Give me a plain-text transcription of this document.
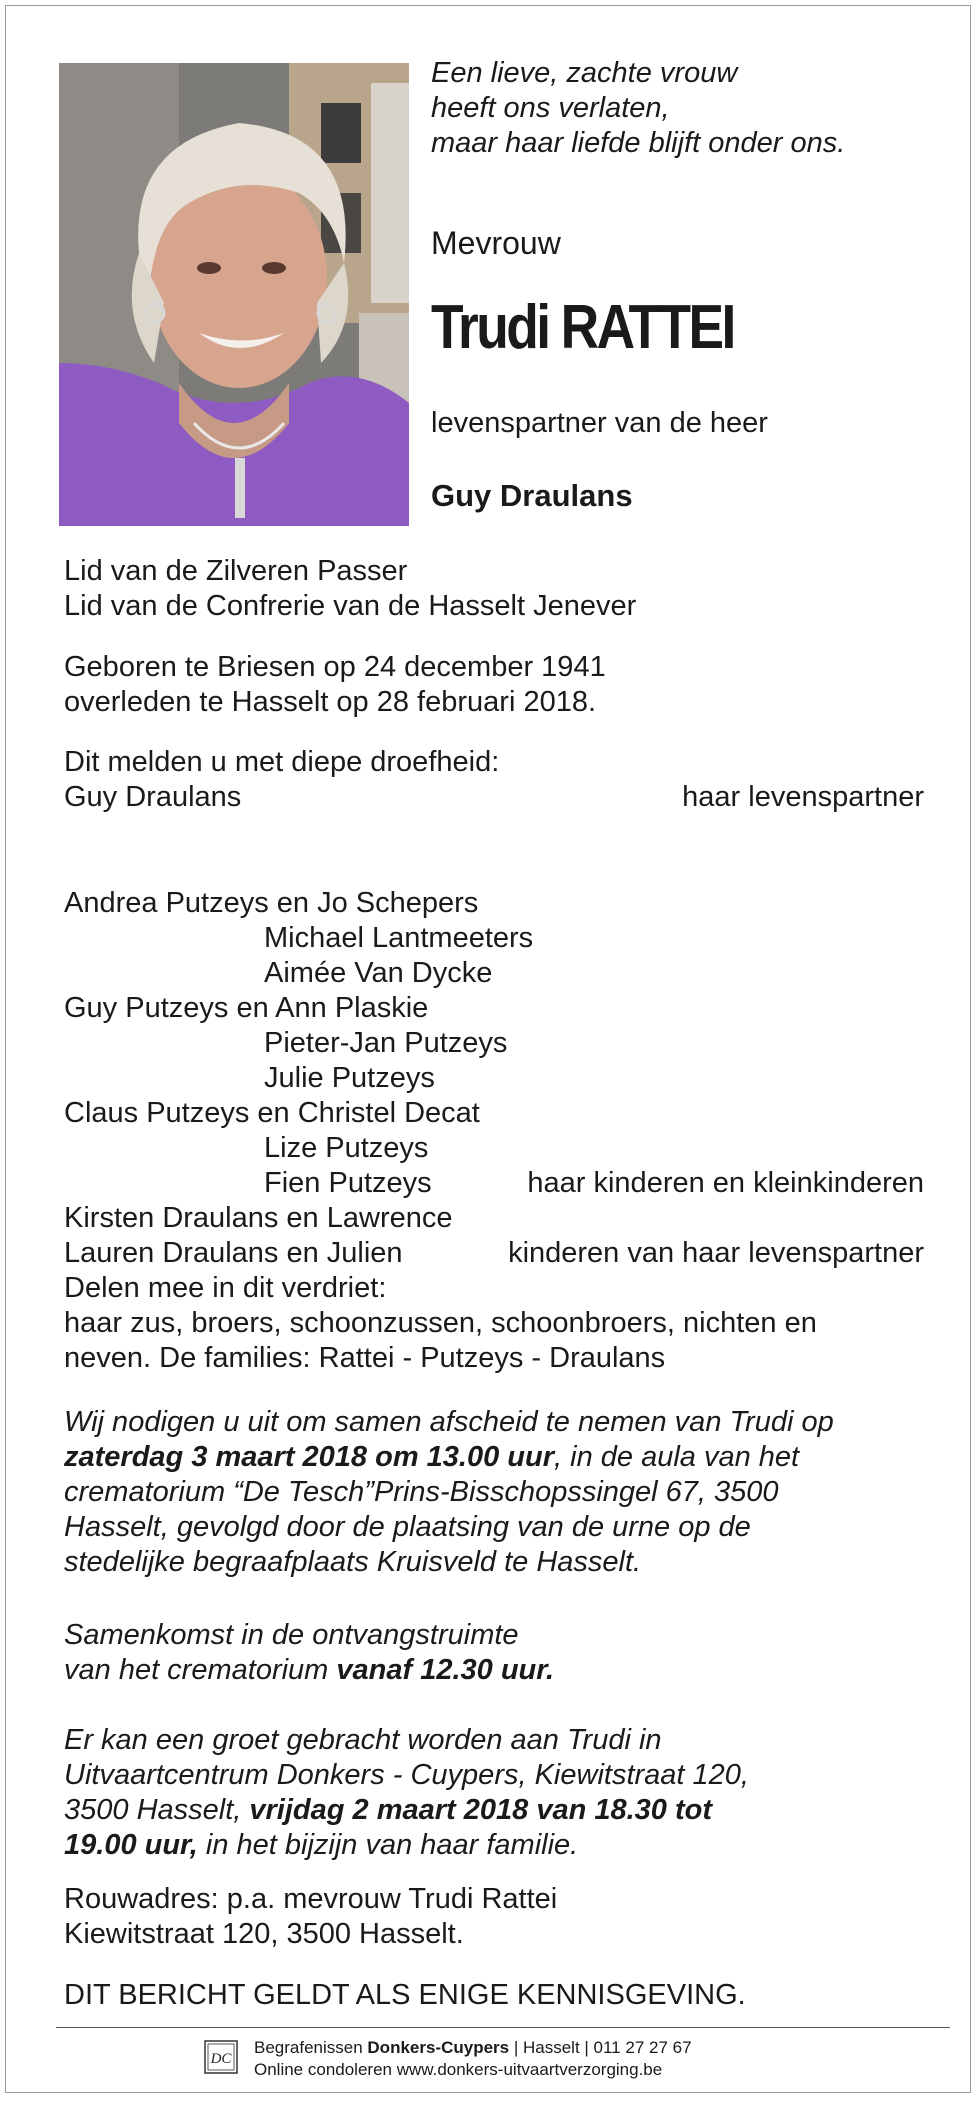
Een lieve, zachte vrouw
heeft ons verlaten,
maar haar liefde blijft onder ons.
Mevrouw
Trudi RATTEI
levenspartner van de heer
Guy Draulans
Lid van de Zilveren Passer
Lid van de Confrerie van de Hasselt Jenever
Geboren te Briesen op 24 december 1941
overleden te Hasselt op 28 februari 2018.
Dit melden u met diepe droefheid:
Guy Draulans	haar levenspartner
Andrea Putzeys en Jo Schepers
Michael Lantmeeters
Aimée Van Dycke
Guy Putzeys en Ann Plaskie
Pieter-Jan Putzeys
Julie Putzeys
Claus Putzeys en Christel Decat
Lize Putzeys
Fien Putzeys	haar kinderen en kleinkinderen
Kirsten Draulans en Lawrence
Lauren Draulans en Julien	kinderen van haar levenspartner
Delen mee in dit verdriet:
haar zus, broers, schoonzussen, schoonbroers, nichten en
neven. De families: Rattei - Putzeys - Draulans
Wij nodigen u uit om samen afscheid te nemen van Trudi op
zaterdag 3 maart 2018 om 13.00 uur, in de aula van het
crematorium “De Tesch”Prins-Bisschopssingel 67, 3500
Hasselt, gevolgd door de plaatsing van de urne op de
stedelijke begraafplaats Kruisveld te Hasselt.
Samenkomst in de ontvangstruimte
van het crematorium vanaf 12.30 uur.
Er kan een groet gebracht worden aan Trudi in
Uitvaartcentrum Donkers - Cuypers, Kiewitstraat 120,
3500 Hasselt, vrijdag 2 maart 2018 van 18.30 tot
19.00 uur, in het bijzijn van haar familie.
Rouwadres: p.a. mevrouw Trudi Rattei
Kiewitstraat 120, 3500 Hasselt.
DIT BERICHT GELDT ALS ENIGE KENNISGEVING.
DC
Begrafenissen Donkers-Cuypers | Hasselt | 011 27 27 67
Online condoleren www.donkers-uitvaartverzorging.be
